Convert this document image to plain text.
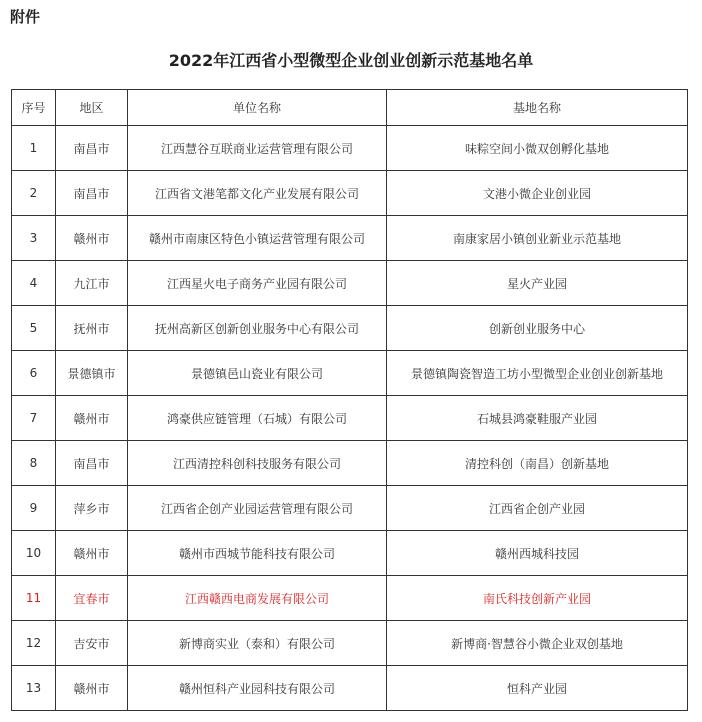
附件
2022年江西省小型微型企业创业创新示范基地名单
序号	地区	单位名称	基地名称
1	南昌市	江西慧谷互联商业运营管理有限公司	味粽空间小微双创孵化基地
2	南昌市	江西省文港笔都文化产业发展有限公司	文港小微企业创业园
3	赣州市	赣州市南康区特色小镇运营管理有限公司	南康家居小镇创业新业示范基地
4	九江市	江西星火电子商务产业园有限公司	星火产业园
5	抚州市	抚州高新区创新创业服务中心有限公司	创新创业服务中心
6	景德镇市	景德镇邑山瓷业有限公司	景德镇陶瓷智造工坊小型微型企业创业创新基地
7	赣州市	鸿豪供应链管理（石城）有限公司	石城县鸿豪鞋服产业园
8	南昌市	江西清控科创科技服务有限公司	清控科创（南昌）创新基地
9	萍乡市	江西省企创产业园运营管理有限公司	江西省企创产业园
10	赣州市	赣州市西城节能科技有限公司	赣州西城科技园
11	宜春市	江西赣西电商发展有限公司	南氏科技创新产业园
12	吉安市	新博商实业（泰和）有限公司	新博商·智慧谷小微企业双创基地
13	赣州市	赣州恒科产业园科技有限公司	恒科产业园
